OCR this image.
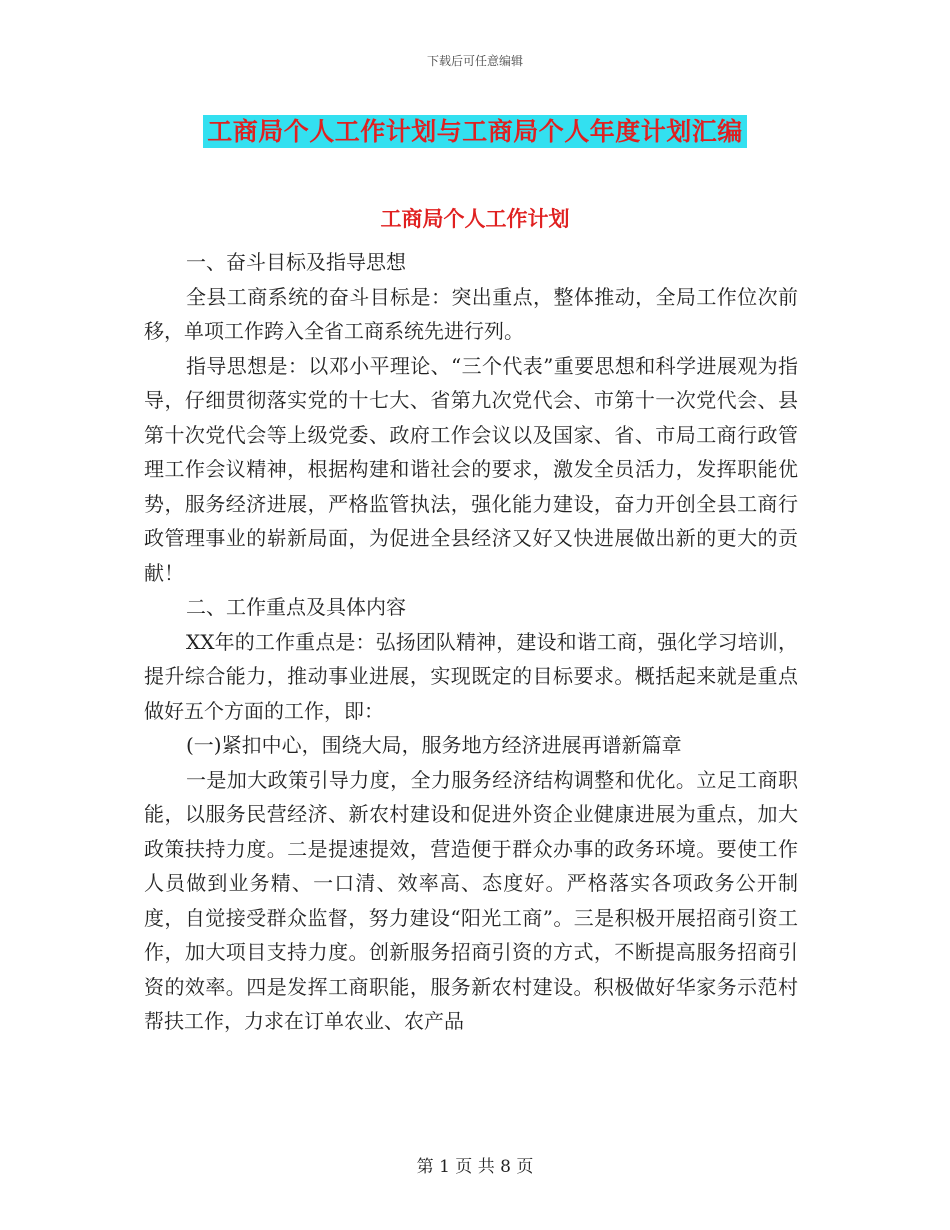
下载后可任意编辑
工商局个人工作计划与工商局个人年度计划汇编
工商局个人工作计划

一、奋斗目标及指导思想

全县工商系统的奋斗目标是：突出重点，整体推动，全局工作位次前移，单项工作跨入全省工商系统先进行列。

指导思想是：以邓小平理论、“三个代表”重要思想和科学进展观为指导，仔细贯彻落实党的十七大、省第九次党代会、市第十一次党代会、县第十次党代会等上级党委、政府工作会议以及国家、省、市局工商行政管理工作会议精神，根据构建和谐社会的要求，激发全员活力，发挥职能优势，服务经济进展，严格监管执法，强化能力建设，奋力开创全县工商行政管理事业的崭新局面，为促进全县经济又好又快进展做出新的更大的贡献！

二、工作重点及具体内容

XX年的工作重点是：弘扬团队精神，建设和谐工商，强化学习培训，提升综合能力，推动事业进展，实现既定的目标要求。概括起来就是重点做好五个方面的工作，即：

(一)紧扣中心，围绕大局，服务地方经济进展再谱新篇章

一是加大政策引导力度，全力服务经济结构调整和优化。立足工商职能，以服务民营经济、新农村建设和促进外资企业健康进展为重点，加大政策扶持力度。二是提速提效，营造便于群众办事的政务环境。要使工作人员做到业务精、一口清、效率高、态度好。严格落实各项政务公开制度，自觉接受群众监督，努力建设“阳光工商”。三是积极开展招商引资工作，加大项目支持力度。创新服务招商引资的方式，不断提高服务招商引资的效率。四是发挥工商职能，服务新农村建设。积极做好华家务示范村帮扶工作，力求在订单农业、农产品

第 1 页 共 8 页
